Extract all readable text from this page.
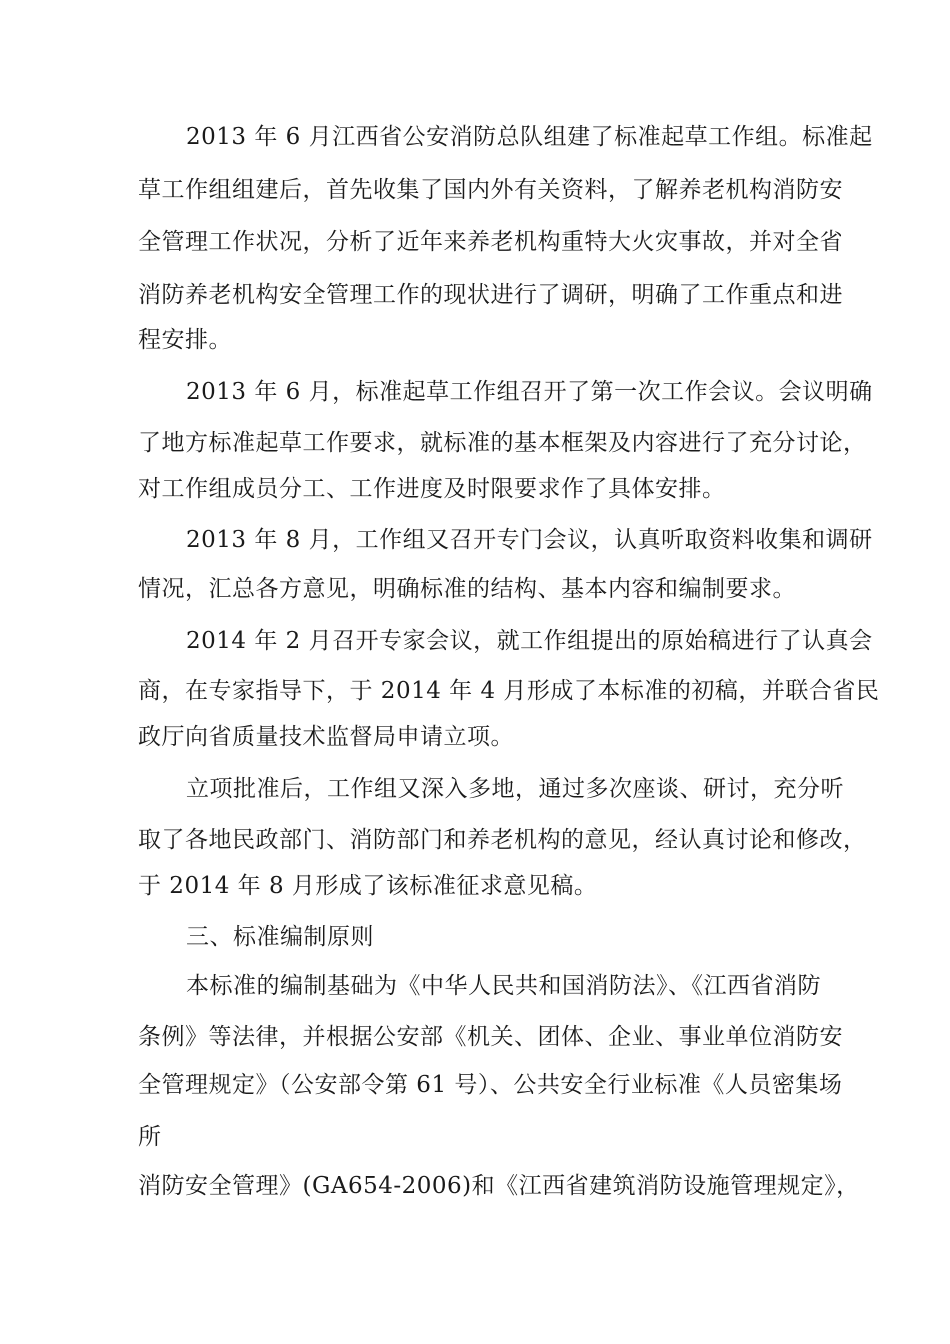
2013 年 6 月江西省公安消防总队组建了标准起草工作组。标准起
草工作组组建后，首先收集了国内外有关资料，了解养老机构消防安
全管理工作状况，分析了近年来养老机构重特大火灾事故，并对全省
消防养老机构安全管理工作的现状进行了调研，明确了工作重点和进
程安排。
2013 年 6 月，标准起草工作组召开了第一次工作会议。会议明确
了地方标准起草工作要求，就标准的基本框架及内容进行了充分讨论，
对工作组成员分工、工作进度及时限要求作了具体安排。
2013 年 8 月，工作组又召开专门会议，认真听取资料收集和调研
情况，汇总各方意见，明确标准的结构、基本内容和编制要求。
2014 年 2 月召开专家会议，就工作组提出的原始稿进行了认真会
商，在专家指导下，于 2014 年 4 月形成了本标准的初稿，并联合省民
政厅向省质量技术监督局申请立项。
立项批准后，工作组又深入多地，通过多次座谈、研讨，充分听
取了各地民政部门、消防部门和养老机构的意见，经认真讨论和修改，
于 2014 年 8 月形成了该标准征求意见稿。
三、标准编制原则
本标准的编制基础为《中华人民共和国消防法》、《江西省消防
条例》等法律，并根据公安部《机关、团体、企业、事业单位消防安
全管理规定》（公安部令第 61 号）、公共安全行业标准《人员密集场
所
消防安全管理》(GA654-2006)和《江西省建筑消防设施管理规定》，
